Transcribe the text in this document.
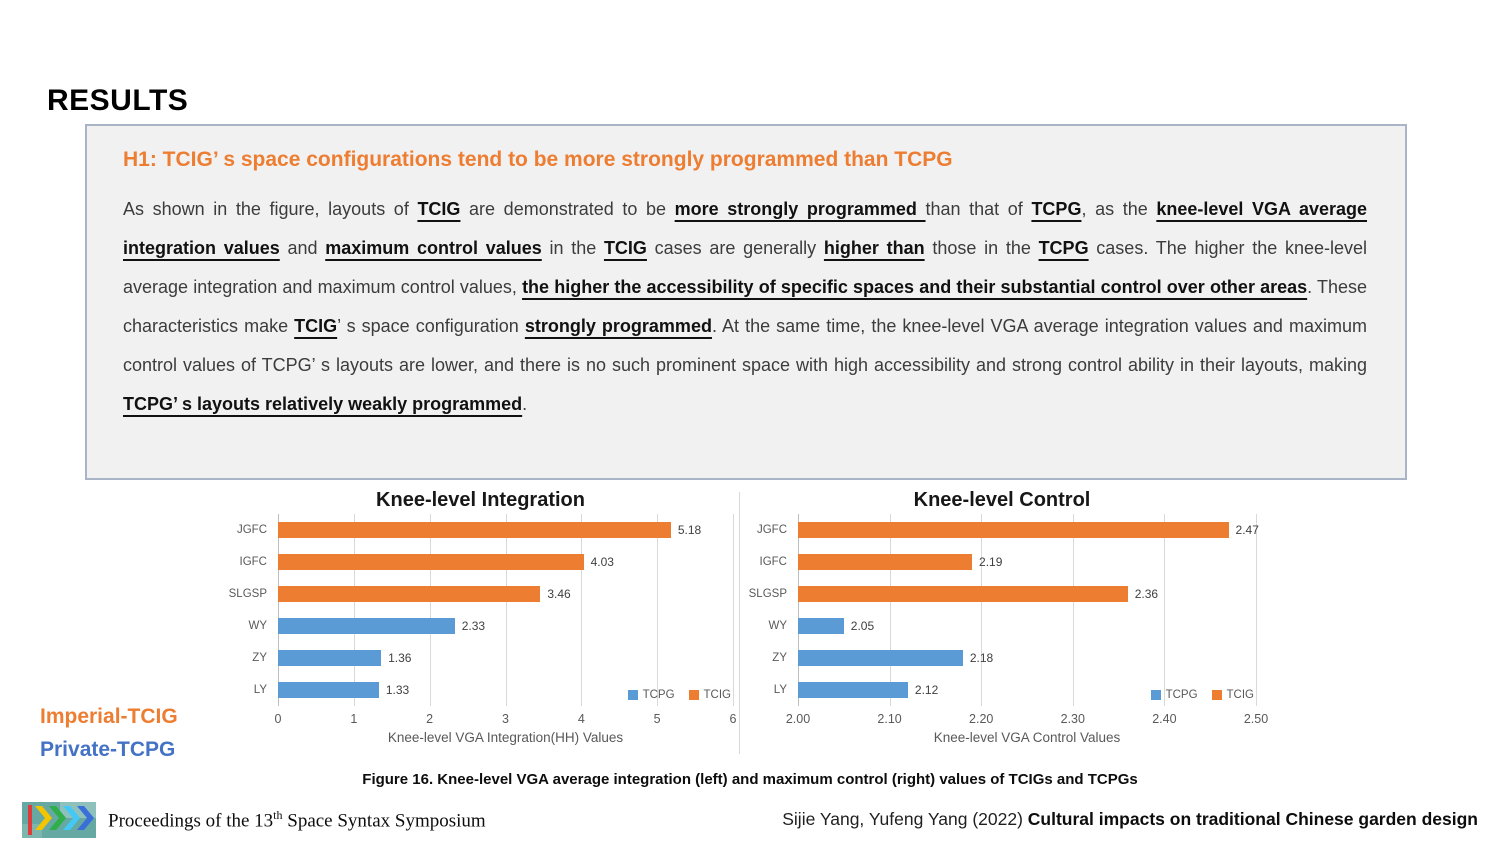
RESULTS
H1: TCIG’ s space configurations tend to be more strongly programmed than TCPG

As shown in the figure, layouts of TCIG are demonstrated to be more strongly programmed than that of TCPG, as the knee-level VGA average integration values and maximum control values in the TCIG cases are generally higher than those in the TCPG cases. The higher the knee-level average integration and maximum control values, the higher the accessibility of specific spaces and their substantial control over other areas. These characteristics make TCIG’ s space configuration strongly programmed. At the same time, the knee-level VGA average integration values and maximum control values of TCPG’ s layouts are lower, and there is no such prominent space with high accessibility and strong control ability in their layouts, making TCPG’ s layouts relatively weakly programmed.

Knee-level Integration
JGFC
IGFC
SLGSP
WY
ZY
LY
5.18
4.03
3.46
2.33
1.36
1.33	TCPG	TCIG
0	1	2	3	4	5	6
Knee-level VGA Integration(HH) Values
Knee-level Control
JGFC
IGFC
SLGSP
WY
ZY
LY
2.47
2.19
2.36
2.05
2.18
2.12	TCPG	TCIG
2.00	2.10	2.20	2.30	2.40	2.50
Knee-level VGA Control Values
Imperial-TCIG
Private-TCPG
Figure 16. Knee-level VGA average integration (left) and maximum control (right) values of TCIGs and TCPGs
Proceedings of the 13th Space Syntax Symposium	Sijie Yang, Yufeng Yang (2022) Cultural impacts on traditional Chinese garden design
